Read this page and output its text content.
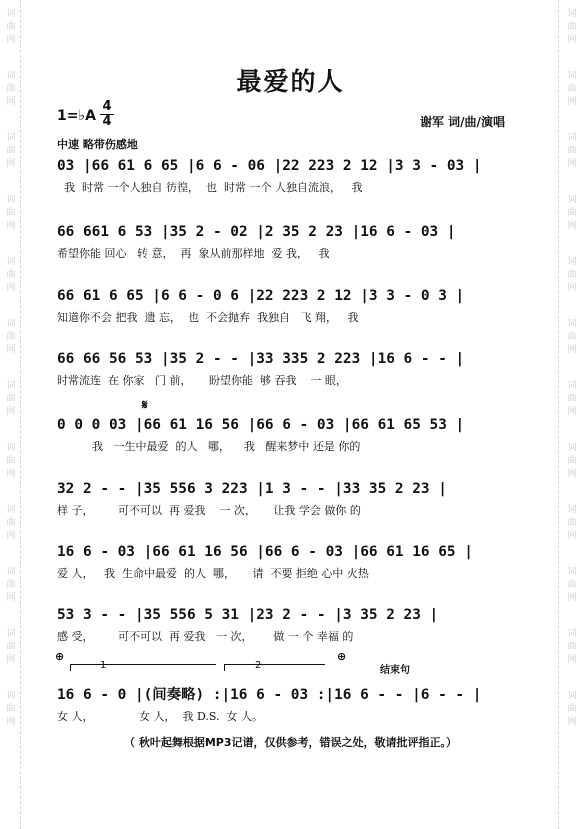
词
曲
网
词
曲
网
词
曲
网
词
曲
网
词
曲
网
词
曲
网
词
曲
网
词
曲
网
词
曲
网
词
曲
网
词
曲
网
词
曲
网
词
曲
网
词
曲
网
词
曲
网
词
曲
网
词
曲
网
词
曲
网
词
曲
网
词
曲
网
词
曲
网
词
曲
网
词
曲
网
词
曲
网
最爱的人
1=♭A
4
4	谢军 词/曲/演唱
中速 略带伤感地
03 |66 61 6 65 |6 6 - 06 |22 223 2 12 |3 3 - 03 |
我  时常 一个人独自 彷徨，  也  时常 一个 人独自流浪，   我
66 661 6 53 |35 2 - 02 |2 35 2 23 |16 6 - 03 |
希望你能 回心   转 意，  再  象从前那样地  爱 我，   我
66 61 6 65 |6 6 - 0 6 |22 223 2 12 |3 3 - 0 3 |
知道你不会 把我  遗 忘，  也  不会抛弃  我独自   飞 翔，   我
66 66 56 53 |35 2 - - |33 335 2 223 |16 6 - - |
时常流连  在 你家   门 前，     盼望你能  够 吞我    一 眼，
𝄋
0 0 0 03 |66 61 16 56 |66 6 - 03 |66 61 65 53 |
我   一生中最爱  的人   哪，    我   醒来梦中 还是 你的
32 2 - - |35 556 3 223 |1 3 - - |33 35 2 23 |
样 子，       可不可以  再 爱我    一 次，     让我 学会 做你 的
16 6 - 03 |66 61 16 56 |66 6 - 03 |66 61 16 65 |
爱 人，   我  生命中最爱  的人  哪，     请  不要 拒绝 心中 火热
53 3 - - |35 556 5 31 |23 2 - - |3 35 2 23 |
感 受，       可不可以  再 爱我   一 次，      做 一 个 幸福 的
⊕	⊕
1	2	结束句
16 6 - 0 |(间奏略) :|16 6 - 03 :|16 6 - - |6 - - |
女 人，             女 人，  我 D.S.  女 人。
（ 秋叶起舞根据MP3记谱，仅供参考，错误之处，敬请批评指正。）
